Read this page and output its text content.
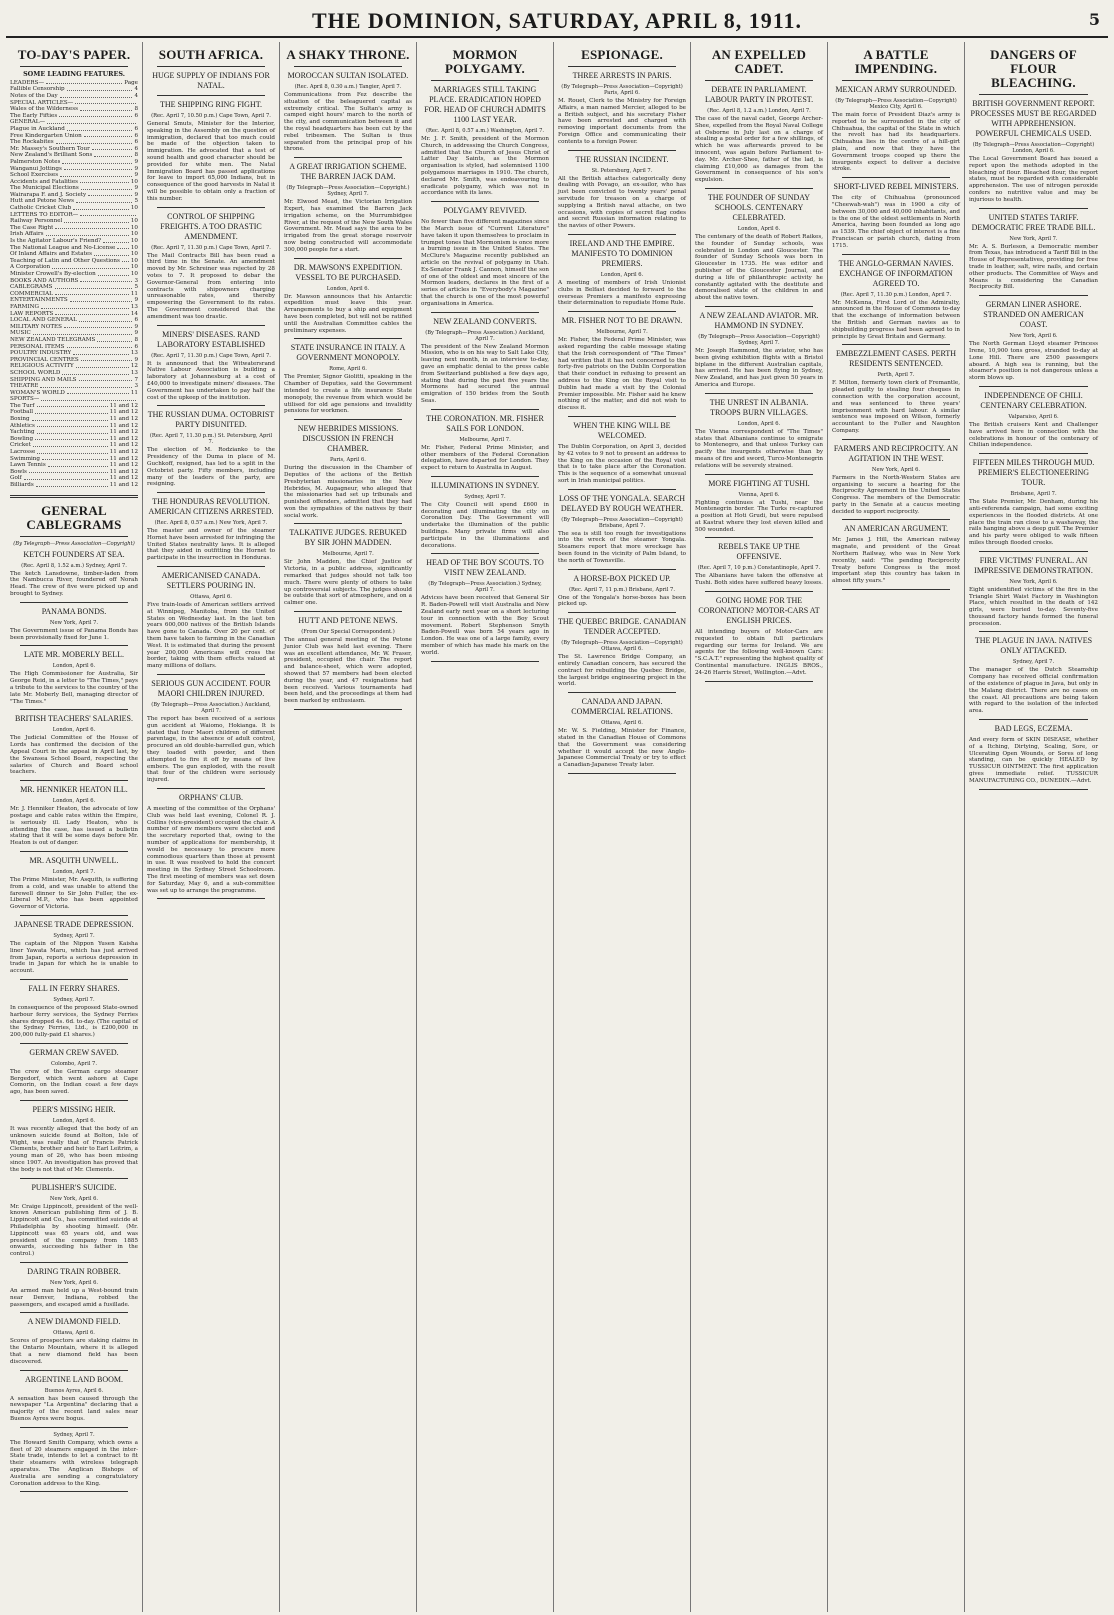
THE DOMINION, SATURDAY, APRIL 8, 1911.	5
TO-DAY'S PAPER.
SOME LEADING FEATURES.
LEADERS—	Page
Fallible Censorship	4
Notes of the Day	4
SPECIAL ARTICLES—
Wales of the Wilderness	8
The Early Fifties	6
GENERAL—
Plague in Auckland	6
Free Kindergarten Union	6
The Rockabites	6
Mr. Massey's Southern Tour	6
New Zealand's Brilliant Sons	8
Palmerston Notes	9
Wanganui Jottings	9
School Exercises	9
Accidents and Fatalities	10
The Municipal Elections	9
Wairarapa F. and J. Society	9
Hutt and Petone News	5
Catholic Cricket Club	10
LETTERS TO EDITOR—
Railway Personnel	10
The Case Right	10
Irish Affairs	10
Is the Agitator Labour's Friend?	10
The National League and No-License	10
Of Inland Affairs and Estates	10
Teaching of Latin and Other Questions 10
A Corporation	10
Minister Crowell's By-election	10
BOOKS AND AUTHORS	3
CABLEGRAMS	5
COMMERCIAL	11
ENTERTAINMENTS	9
FARMING	13
LAW REPORTS	14
LOCAL AND GENERAL	6
MILITARY NOTES	9
MUSIC	9
NEW ZEALAND TELEGRAMS	8
PERSONAL ITEMS	6
POULTRY INDUSTRY	13
PROVINCIAL CENTRES	9
RELIGIOUS ACTIVITY	12
SCHOOL WORLD	13
SHIPPING AND MAILS	7
THEATRE	3
WOMAN'S WORLD	11
SPORTS—
The Turf	11 and 12
Football	11 and 12
Boxing	11 and 12
Athletics	11 and 12
Yachting	11 and 12
Bowling	11 and 12
Cricket	11 and 12
Lacrosse	11 and 12
Swimming	11 and 12
Lawn Tennis	11 and 12
Bowls	11 and 12
Golf	11 and 12
Billiards	11 and 12
GENERAL CABLEGRAMS
(By Telegraph—Press Association—Copyright)
KETCH FOUNDERS AT SEA.
(Rec. April 8, 1.52 a.m.) Sydney, April 7.

The ketch Lansdowne, timber-laden from the Nambucca River, foundered off Norah Head. The crew of five were picked up and brought to Sydney.

PANAMA BONDS.
New York, April 7.

The Government issue of Panama Bonds has been provisionally fixed for June 1.

LATE MR. MOBERLY BELL.
London, April 6.

The High Commissioner for Australia, Sir George Reid, in a letter to "The Times," pays a tribute to the services to the country of the late Mr. Moberly Bell, managing director of "The Times."

BRITISH TEACHERS' SALARIES.
London, April 6.

The Judicial Committee of the House of Lords has confirmed the decision of the Appeal Court in the appeal in April last, by the Swansea School Board, respecting the salaries of Church and Board school teachers.

MR. HENNIKER HEATON ILL.
London, April 6.

Mr. J. Henniker Heaton, the advocate of low postage and cable rates within the Empire, is seriously ill. Lady Heaton, who is attending the case, has issued a bulletin stating that it will be some days before Mr. Heaton is out of danger.

MR. ASQUITH UNWELL.
London, April 7.

The Prime Minister, Mr. Asquith, is suffering from a cold, and was unable to attend the farewell dinner to Sir John Fuller, the ex-Liberal M.P., who has been appointed Governor of Victoria.

JAPANESE TRADE DEPRESSION.
Sydney, April 7.

The captain of the Nippon Yusen Kaisha liner Yawata Maru, which has just arrived from Japan, reports a serious depression in trade in Japan for which he is unable to account.

FALL IN FERRY SHARES.
Sydney, April 7.

In consequence of the proposed State-owned harbour ferry services, the Sydney Ferries shares dropped 4s. 6d. to-day. (The capital of the Sydney Ferries, Ltd., is £200,000 in 200,000 fully-paid £1 shares.)

GERMAN CREW SAVED.
Colombo, April 7.

The crew of the German cargo steamer Bergedorf, which went ashore at Cape Comorin, on the Indian coast a few days ago, has been saved.

PEER'S MISSING HEIR.
London, April 6.

It was recently alleged that the body of an unknown suicide found at Bolton, Isle of Wight, was really that of Francis Patrick Clements, brother and heir to Earl Leitrim, a young man of 26, who has been missing since 1907. An investigation has proved that the body is not that of Mr. Clements.

PUBLISHER'S SUICIDE.
New York, April 6.

Mr. Craige Lippincott, president of the well-known American publishing firm of J. B. Lippincott and Co., has committed suicide at Philadelphia by shooting himself. (Mr. Lippincott was 65 years old, and was president of the company from 1885 onwards, succeeding his father in the control.)

DARING TRAIN ROBBER.
New York, April 6.

An armed man held up a West-bound train near Denver, Indiana, robbed the passengers, and escaped amid a fusillade.

A NEW DIAMOND FIELD.
Ottawa, April 6.

Scores of prospectors are staking claims in the Ontario Mountain, where it is alleged that a new diamond field has been discovered.

ARGENTINE LAND BOOM.
Buenos Ayres, April 6.

A sensation has been caused through the newspaper "La Argentina" declaring that a majority of the recent land sales near Buenos Ayres were bogus.

Sydney, April 7.

The Howard Smith Company, which owns a fleet of 20 steamers engaged in the inter-State trade, intends to let a contract to fit their steamers with wireless telegraph apparatus. The Anglican Bishops of Australia are sending a congratulatory Coronation address to the King.

SOUTH AFRICA.
HUGE SUPPLY OF INDIANS FOR NATAL.
THE SHIPPING RING FIGHT.
(Rec. April 7, 10.50 p.m.) Cape Town, April 7.

General Smuts, Minister for the Interior, speaking in the Assembly on the question of immigration, declared that too much could be made of the objection taken to immigration. He advocated that a test of sound health and good character should be provided for white men. The Natal Immigration Board has passed applications for leave to import 65,000 Indians, but in consequence of the good harvests in Natal it will be possible to obtain only a fraction of this number.

CONTROL OF SHIPPING FREIGHTS. A TOO DRASTIC AMENDMENT.
(Rec. April 7, 11.30 p.m.) Cape Town, April 7.

The Mail Contracts Bill has been read a third time in the Senate. An amendment moved by Mr. Schreiner was rejected by 28 votes to 7. It proposed to debar the Governor-General from entering into contracts with shipowners charging unreasonable rates, and thereby empowering the Government to fix rates. The Government considered that the amendment was too drastic.

MINERS' DISEASES. RAND LABORATORY ESTABLISHED
(Rec. April 7, 11.30 p.m.) Cape Town, April 7.

It is announced that the Witwatersrand Native Labour Association is building a laboratory at Johannesburg at a cost of £40,000 to investigate miners' diseases. The Government has undertaken to pay half the cost of the upkeep of the institution.

THE RUSSIAN DUMA. OCTOBRIST PARTY DISUNITED.
(Rec. April 7, 11.30 p.m.) St. Petersburg, April 7.

The election of M. Rodzianko to the Presidency of the Duma in place of M. Guchkoff, resigned, has led to a split in the Octobrist party. Fifty members, including many of the leaders of the party, are resigning.

THE HONDURAS REVOLUTION. AMERICAN CITIZENS ARRESTED.
(Rec. April 8, 0.57 a.m.) New York, April 7.

The master and owner of the steamer Hornet have been arrested for infringing the United States neutrality laws. It is alleged that they aided in outfitting the Hornet to participate in the insurrection in Honduras.

AMERICANISED CANADA. SETTLERS POURING IN.
Ottawa, April 6.

Five train-loads of American settlers arrived at Winnipeg, Manitoba, from the United States on Wednesday last. In the last ten years 600,000 natives of the British Islands have gone to Canada. Over 20 per cent. of them have taken to farming in the Canadian West. It is estimated that during the present year 200,000 Americans will cross the border, taking with them effects valued at many millions of dollars.

SERIOUS GUN ACCIDENT. FOUR MAORI CHILDREN INJURED.
(By Telegraph—Press Association.) Auckland, April 7.

The report has been received of a serious gun accident at Waiomo, Hokianga. It is stated that four Maori children of different parentage, in the absence of adult control, procured an old double-barrelled gun, which they loaded with powder, and then attempted to fire it off by means of live embers. The gun exploded, with the result that four of the children were seriously injured.

ORPHANS' CLUB.

A meeting of the committee of the Orphans' Club was held last evening, Colonel R. J. Collins (vice-president) occupied the chair. A number of new members were elected and the secretary reported that, owing to the number of applications for membership, it would be necessary to procure more commodious quarters than those at present in use. It was resolved to hold the concert meeting in the Sydney Street Schoolroom. The first meeting of members was set down for Saturday, May 6, and a sub-committee was set up to arrange the programme.

A SHAKY THRONE.
MOROCCAN SULTAN ISOLATED.
(Rec. April 8, 0.30 a.m.) Tangier, April 7.

Communications from Fez describe the situation of the beleaguered capital as extremely critical. The Sultan's army is camped eight hours' march to the north of the city, and communication between it and the royal headquarters has been cut by the rebel tribesmen. The Sultan is thus separated from the principal prop of his throne.

A GREAT IRRIGATION SCHEME. THE BARREN JACK DAM.
(By Telegraph—Press Association—Copyright.) Sydney, April 7.

Mr. Elwood Mead, the Victorian Irrigation Expert, has examined the Barren Jack irrigation scheme, on the Murrumbidgee River, at the request of the New South Wales Government. Mr. Mead says the area to be irrigated from the great storage reservoir now being constructed will accommodate 300,000 people for a start.

DR. MAWSON'S EXPEDITION. VESSEL TO BE PURCHASED.
London, April 6.

Dr. Mawson announces that his Antarctic expedition must leave this year. Arrangements to buy a ship and equipment have been completed, but will not be ratified until the Australian Committee cables the preliminary expenses.

STATE INSURANCE IN ITALY. A GOVERNMENT MONOPOLY.
Rome, April 6.

The Premier, Signor Giolitti, speaking in the Chamber of Deputies, said the Government intended to create a life insurance State monopoly, the revenue from which would be utilised for old age pensions and invalidity pensions for workmen.

NEW HEBRIDES MISSIONS. DISCUSSION IN FRENCH CHAMBER.
Paris, April 6.

During the discussion in the Chamber of Deputies of the actions of the British Presbyterian missionaries in the New Hebrides, M. Augagneur, who alleged that the missionaries had set up tribunals and punished offenders, admitted that they had won the sympathies of the natives by their social work.

TALKATIVE JUDGES. REBUKED BY SIR JOHN MADDEN.
Melbourne, April 7.

Sir John Madden, the Chief Justice of Victoria, in a public address, significantly remarked that judges should not talk too much. There were plenty of others to take up controversial subjects. The judges should be outside that sort of atmosphere, and on a calmer one.

HUTT AND PETONE NEWS.
(From Our Special Correspondent.)

The annual general meeting of the Petone Junior Club was held last evening. There was an excellent attendance, Mr. W. Fraser, president, occupied the chair. The report and balance-sheet, which were adopted, showed that 57 members had been elected during the year, and 47 resignations had been received. Various tournaments had been held, and the proceedings at them had been marked by enthusiasm.

MORMON POLYGAMY.
MARRIAGES STILL TAKING PLACE. ERADICATION HOPED FOR. HEAD OF CHURCH ADMITS 1100 LAST YEAR.
(Rec. April 8, 0.57 a.m.) Washington, April 7.

Mr. J. F. Smith, president of the Mormon Church, in addressing the Church Congress, admitted that the Church of Jesus Christ of Latter Day Saints, as the Mormon organisation is styled, had solemnised 1100 polygamous marriages in 1910. The church, declared Mr. Smith, was endeavouring to eradicate polygamy, which was not in accordance with its laws.

POLYGAMY REVIVED.

No fewer than five different magazines since the March issue of "Current Literature" have taken it upon themselves to proclaim in trumpet tones that Mormonism is once more a burning issue in the United States. The McClure's Magazine recently published an article on the revival of polygamy in Utah. Ex-Senator Frank J. Cannon, himself the son of one of the oldest and most sincere of the Mormon leaders, declares in the first of a series of articles in "Everybody's Magazine" that the church is one of the most powerful organisations in America.

NEW ZEALAND CONVERTS.
(By Telegraph—Press Association.) Auckland, April 7.

The president of the New Zealand Mormon Mission, who is on his way to Salt Lake City, leaving next month, in an interview to-day, gave an emphatic denial to the press cable from Switzerland published a few days ago, stating that during the past five years the Mormons had secured the annual emigration of 150 brides from the South Seas.

THE CORONATION. MR. FISHER SAILS FOR LONDON.
Melbourne, April 7.

Mr. Fisher, Federal Prime Minister, and other members of the Federal Coronation delegation, have departed for London. They expect to return to Australia in August.

ILLUMINATIONS IN SYDNEY.
Sydney, April 7.

The City Council will spend £600 in decorating and illuminating the city on Coronation Day. The Government will undertake the illumination of the public buildings. Many private firms will also participate in the illuminations and decorations.

HEAD OF THE BOY SCOUTS. TO VISIT NEW ZEALAND.
(By Telegraph—Press Association.) Sydney, April 7.

Advices have been received that General Sir R. Baden-Powell will visit Australia and New Zealand early next year on a short lecturing tour in connection with the Boy Scout movement. Robert Stephenson Smyth Baden-Powell was born 54 years ago in London. He was one of a large family, every member of which has made his mark on the world.

ESPIONAGE.
THREE ARRESTS IN PARIS.
(By Telegraph—Press Association—Copyright) Paris, April 6.

M. Rouet, Clerk to the Ministry for Foreign Affairs, a man named Mercier, alleged to be a British subject, and his secretary Fisher have been arrested and charged with removing important documents from the Foreign Office and communicating their contents to a foreign Power.

THE RUSSIAN INCIDENT.
St. Petersburg, April 7.

All the British attaches categorically deny dealing with Povago, an ex-sailor, who has just been convicted to twenty years' penal servitude for treason on a charge of supplying a British naval attache, on two occasions, with copies of secret flag codes and secret Russian information relating to the navies of other Powers.

IRELAND AND THE EMPIRE. MANIFESTO TO DOMINION PREMIERS.
London, April 6.

A meeting of members of Irish Unionist clubs in Belfast decided to forward to the overseas Premiers a manifesto expressing their determination to repudiate Home Rule.

MR. FISHER NOT TO BE DRAWN.
Melbourne, April 7.

Mr. Fisher, the Federal Prime Minister, was asked regarding the cable message stating that the Irish correspondent of "The Times" had written that it has not concerned to the forty-five patriots on the Dublin Corporation that their conduct in refusing to present an address to the King on the Royal visit to Dublin had made a visit by the Colonial Premier impossible. Mr. Fisher said he knew nothing of the matter, and did not wish to discuss it.

WHEN THE KING WILL BE WELCOMED.

The Dublin Corporation, on April 3, decided by 42 votes to 9 not to present an address to the King on the occasion of the Royal visit that is to take place after the Coronation. This is the sequence of a somewhat unusual sort in Irish municipal politics.

LOSS OF THE YONGALA. SEARCH DELAYED BY ROUGH WEATHER.
(By Telegraph—Press Association—Copyright) Brisbane, April 7.

The sea is still too rough for investigations into the wreck of the steamer Yongala. Steamers report that more wreckage has been found in the vicinity of Palm Island, to the north of Townsville.

A HORSE-BOX PICKED UP.
(Rec. April 7, 11 p.m.) Brisbane, April 7.

One of the Yongala's horse-boxes has been picked up.

THE QUEBEC BRIDGE. CANADIAN TENDER ACCEPTED.
(By Telegraph—Press Association—Copyright) Ottawa, April 6.

The St. Lawrence Bridge Company, an entirely Canadian concern, has secured the contract for rebuilding the Quebec Bridge, the largest bridge engineering project in the world.

CANADA AND JAPAN. COMMERCIAL RELATIONS.
Ottawa, April 6.

Mr. W. S. Fielding, Minister for Finance, stated in the Canadian House of Commons that the Government was considering whether it would accept the new Anglo-Japanese Commercial Treaty or try to effect a Canadian-Japanese Treaty later.

AN EXPELLED CADET.
DEBATE IN PARLIAMENT. LABOUR PARTY IN PROTEST.
(Rec. April 8, 1.2 a.m.) London, April 7.

The case of the naval cadet, George Archer-Shee, expelled from the Royal Naval College at Osborne in July last on a charge of stealing a postal order for a few shillings, of which he was afterwards proved to be innocent, was again before Parliament to-day. Mr. Archer-Shee, father of the lad, is claiming £10,000 as damages from the Government in consequence of his son's expulsion.

THE FOUNDER OF SUNDAY SCHOOLS. CENTENARY CELEBRATED.
London, April 6.

The centenary of the death of Robert Raikes, the founder of Sunday schools, was celebrated in London and Gloucester. The founder of Sunday Schools was born in Gloucester in 1735. He was editor and publisher of the Gloucester Journal, and during a life of philanthropic activity he constantly agitated with the destitute and demoralised state of the children in and about the native town.

A NEW ZEALAND AVIATOR. MR. HAMMOND IN SYDNEY.
(By Telegraph—Press Association—Copyright) Sydney, April 7.

Mr. Joseph Hammond, the aviator, who has been giving exhibition flights with a Bristol biplane in the different Australian capitals, has arrived. He has been flying in Sydney, New Zealand, and has just given 50 years in America and Europe.

THE UNREST IN ALBANIA. TROOPS BURN VILLAGES.
London, April 6.

The Vienna correspondent of "The Times" states that Albanians continue to emigrate to Montenegro, and that unless Turkey can pacify the insurgents otherwise than by means of fire and sword, Turco-Montenegrin relations will be severely strained.

MORE FIGHTING AT TUSHI.
Vienna, April 6.

Fighting continues at Tushi, near the Montenegrin border. The Turks re-captured a position at Hoti Grudi, but were repulsed at Kastrat where they lost eleven killed and 500 wounded.

REBELS TAKE UP THE OFFENSIVE.
(Rec. April 7, 10 p.m.) Constantinople, April 7.

The Albanians have taken the offensive at Tushi. Both sides have suffered heavy losses.

GOING HOME FOR THE CORONATION? MOTOR-CARS AT ENGLISH PRICES.

All intending buyers of Motor-Cars are requested to obtain full particulars regarding our terms for Ireland. We are agents for the following well-known Cars: "S.C.A.T." representing the highest quality of Continental manufacture. INGLIS BROS., 24-26 Harris Street, Wellington.—Advt.

A BATTLE IMPENDING.
MEXICAN ARMY SURROUNDED.
(By Telegraph—Press Association—Copyright) Mexico City, April 6.

The main force of President Diaz's army is reported to be surrounded in the city of Chihuahua, the capital of the State in which the revolt has had its headquarters. Chihuahua lies in the centre of a hill-girt plain, and now that they have the Government troops cooped up there the insurgents expect to deliver a decisive stroke.

SHORT-LIVED REBEL MINISTERS.

The city of Chihuahua (pronounced "Cheewah-wah") was in 1900 a city of between 30,000 and 40,000 inhabitants, and is the one of the oldest settlements in North America, having been founded as long ago as 1539. The chief object of interest is a fine Franciscan or parish church, dating from 1715.

THE ANGLO-GERMAN NAVIES. EXCHANGE OF INFORMATION AGREED TO.
(Rec. April 7, 11.30 p.m.) London, April 7.

Mr. McKenna, First Lord of the Admiralty, announced in the House of Commons to-day that the exchange of information between the British and German navies as to shipbuilding progress had been agreed to in principle by Great Britain and Germany.

EMBEZZLEMENT CASES. PERTH RESIDENTS SENTENCED.
Perth, April 7.

F. Milton, formerly town clerk of Fremantle, pleaded guilty to stealing four cheques in connection with the corporation account, and was sentenced to three years' imprisonment with hard labour. A similar sentence was imposed on Wilson, formerly accountant to the Fuller and Naughton Company.

FARMERS AND RECIPROCITY. AN AGITATION IN THE WEST.
New York, April 6.

Farmers in the North-Western States are organising to secure a hearing for the Reciprocity Agreement in the United States Congress. The members of the Democratic party in the Senate at a caucus meeting decided to support reciprocity.

AN AMERICAN ARGUMENT.

Mr. James J. Hill, the American railway magnate, and president of the Great Northern Railway, who was in New York recently, said: "The pending Reciprocity Treaty before Congress is the most important step this country has taken in almost fifty years."

DANGERS OF FLOUR BLEACHING.
BRITISH GOVERNMENT REPORT. PROCESSES MUST BE REGARDED WITH APPREHENSION. POWERFUL CHEMICALS USED.
(By Telegraph—Press Association—Copyright) London, April 6.

The Local Government Board has issued a report upon the methods adopted in the bleaching of flour. Bleached flour, the report states, must be regarded with considerable apprehension. The use of nitrogen peroxide confers no nutritive value and may be injurious to health.

UNITED STATES TARIFF. DEMOCRATIC FREE TRADE BILL.
New York, April 7.

Mr. A. S. Burleson, a Democratic member from Texas, has introduced a Tariff Bill in the House of Representatives, providing for free trade in leather, salt, wire nails, and certain other products. The Committee of Ways and Means is considering the Canadian Reciprocity Bill.

GERMAN LINER ASHORE. STRANDED ON AMERICAN COAST.
New York, April 6.

The North German Lloyd steamer Princess Irene, 10,900 tons gross, stranded to-day at Lone Hill. There are 2500 passengers aboard. A high sea is running, but the steamer's position is not dangerous unless a storm blows up.

INDEPENDENCE OF CHILI. CENTENARY CELEBRATION.
Valparaiso, April 6.

The British cruisers Kent and Challenger have arrived here in connection with the celebrations in honour of the centenary of Chilian independence.

FIFTEEN MILES THROUGH MUD. PREMIER'S ELECTIONEERING TOUR.
Brisbane, April 7.

The State Premier, Mr. Denham, during his anti-referenda campaign, had some exciting experiences in the flooded districts. At one place the train ran close to a washaway, the rails hanging above a deep gulf. The Premier and his party were obliged to walk fifteen miles through flooded creeks.

FIRE VICTIMS' FUNERAL. AN IMPRESSIVE DEMONSTRATION.
New York, April 6.

Eight unidentified victims of the fire in the Triangle Shirt Waist Factory in Washington Place, which resulted in the death of 142 girls, were buried to-day. Seventy-five thousand factory hands formed the funeral procession.

THE PLAGUE IN JAVA. NATIVES ONLY ATTACKED.
Sydney, April 7.

The manager of the Dutch Steamship Company has received official confirmation of the existence of plague in Java, but only in the Malang district. There are no cases on the coast. All precautions are being taken with regard to the isolation of the infected area.

BAD LEGS, ECZEMA.

And every form of SKIN DISEASE, whether of a Itching, Dirtying, Scaling, Sore, or Ulcerating Open Wounds, or Sores of long standing, can be quickly HEALED by TUSSICUR OINTMENT. The first application gives immediate relief. TUSSICUR MANUFACTURING CO., DUNEDIN.—Advt.
